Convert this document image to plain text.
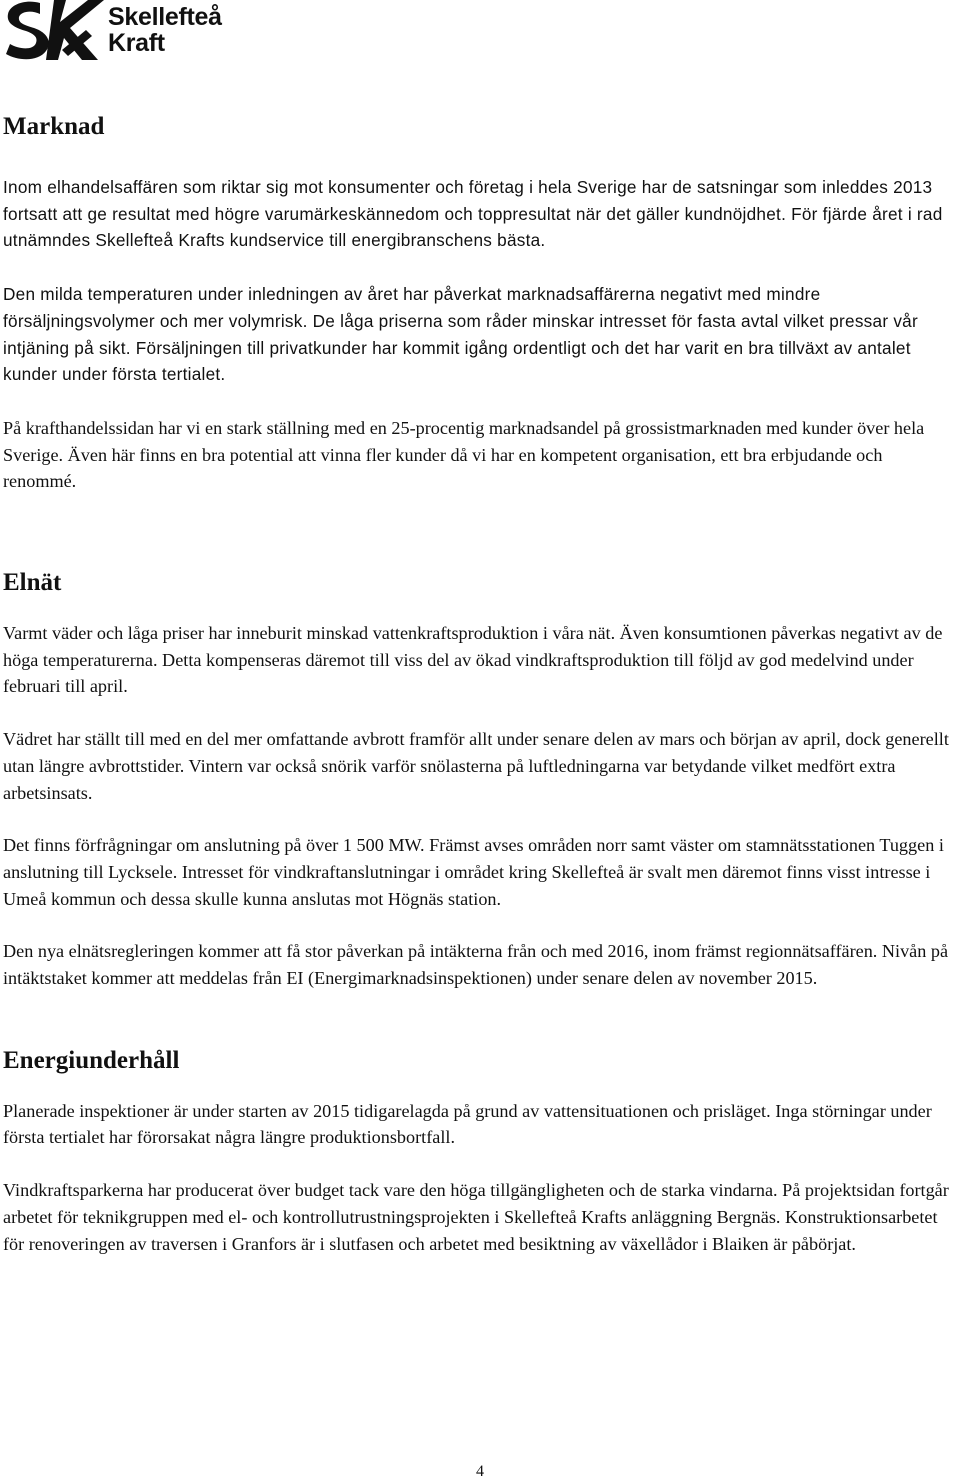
Skellefteå
Kraft
Marknad

Inom elhandelsaffären som riktar sig mot konsumenter och företag i hela Sverige har de satsningar som inleddes 2013 fortsatt att ge resultat med högre varumärkeskännedom och toppresultat när det gäller kundnöjdhet. För fjärde året i rad utnämndes Skellefteå Krafts kundservice till energibranschens bästa.

Den milda temperaturen under inledningen av året har påverkat marknadsaffärerna negativt med mindre försäljningsvolymer och mer volymrisk. De låga priserna som råder minskar intresset för fasta avtal vilket pressar vår intjäning på sikt. Försäljningen till privatkunder har kommit igång ordentligt och det har varit en bra tillväxt av antalet kunder under första tertialet.

På krafthandelssidan har vi en stark ställning med en 25-procentig marknadsandel på grossistmarknaden med kunder över hela Sverige. Även här finns en bra potential att vinna fler kunder då vi har en kompetent organisation, ett bra erbjudande och renommé.

Elnät

Varmt väder och låga priser har inneburit minskad vattenkraftsproduktion i våra nät. Även konsumtionen påverkas negativt av de höga temperaturerna. Detta kompenseras däremot till viss del av ökad vindkraftsproduktion till följd av god medelvind under februari till april.

Vädret har ställt till med en del mer omfattande avbrott framför allt under senare delen av mars och början av april, dock generellt utan längre avbrottstider. Vintern var också snörik varför snölasterna på luftledningarna var betydande vilket medfört extra arbetsinsats.

Det finns förfrågningar om anslutning på över 1 500 MW. Främst avses områden norr samt väster om stamnätsstationen Tuggen i anslutning till Lycksele. Intresset för vindkraftanslutningar i området kring Skellefteå är svalt men däremot finns visst intresse i Umeå kommun och dessa skulle kunna anslutas mot Högnäs station.

Den nya elnätsregleringen kommer att få stor påverkan på intäkterna från och med 2016, inom främst regionnätsaffären. Nivån på intäktstaket kommer att meddelas från EI (Energimarknadsinspektionen) under senare delen av november 2015.

Energiunderhåll

Planerade inspektioner är under starten av 2015 tidigarelagda på grund av vattensituationen och prisläget. Inga störningar under första tertialet har förorsakat några längre produktionsbortfall.

Vindkraftsparkerna har producerat över budget tack vare den höga tillgängligheten och de starka vindarna. På projektsidan fortgår arbetet för teknikgruppen med el- och kontrollutrustningsprojekten i Skellefteå Krafts anläggning Bergnäs. Konstruktionsarbetet för renoveringen av traversen i Granfors är i slutfasen och arbetet med besiktning av växellådor i Blaiken är påbörjat.

4
